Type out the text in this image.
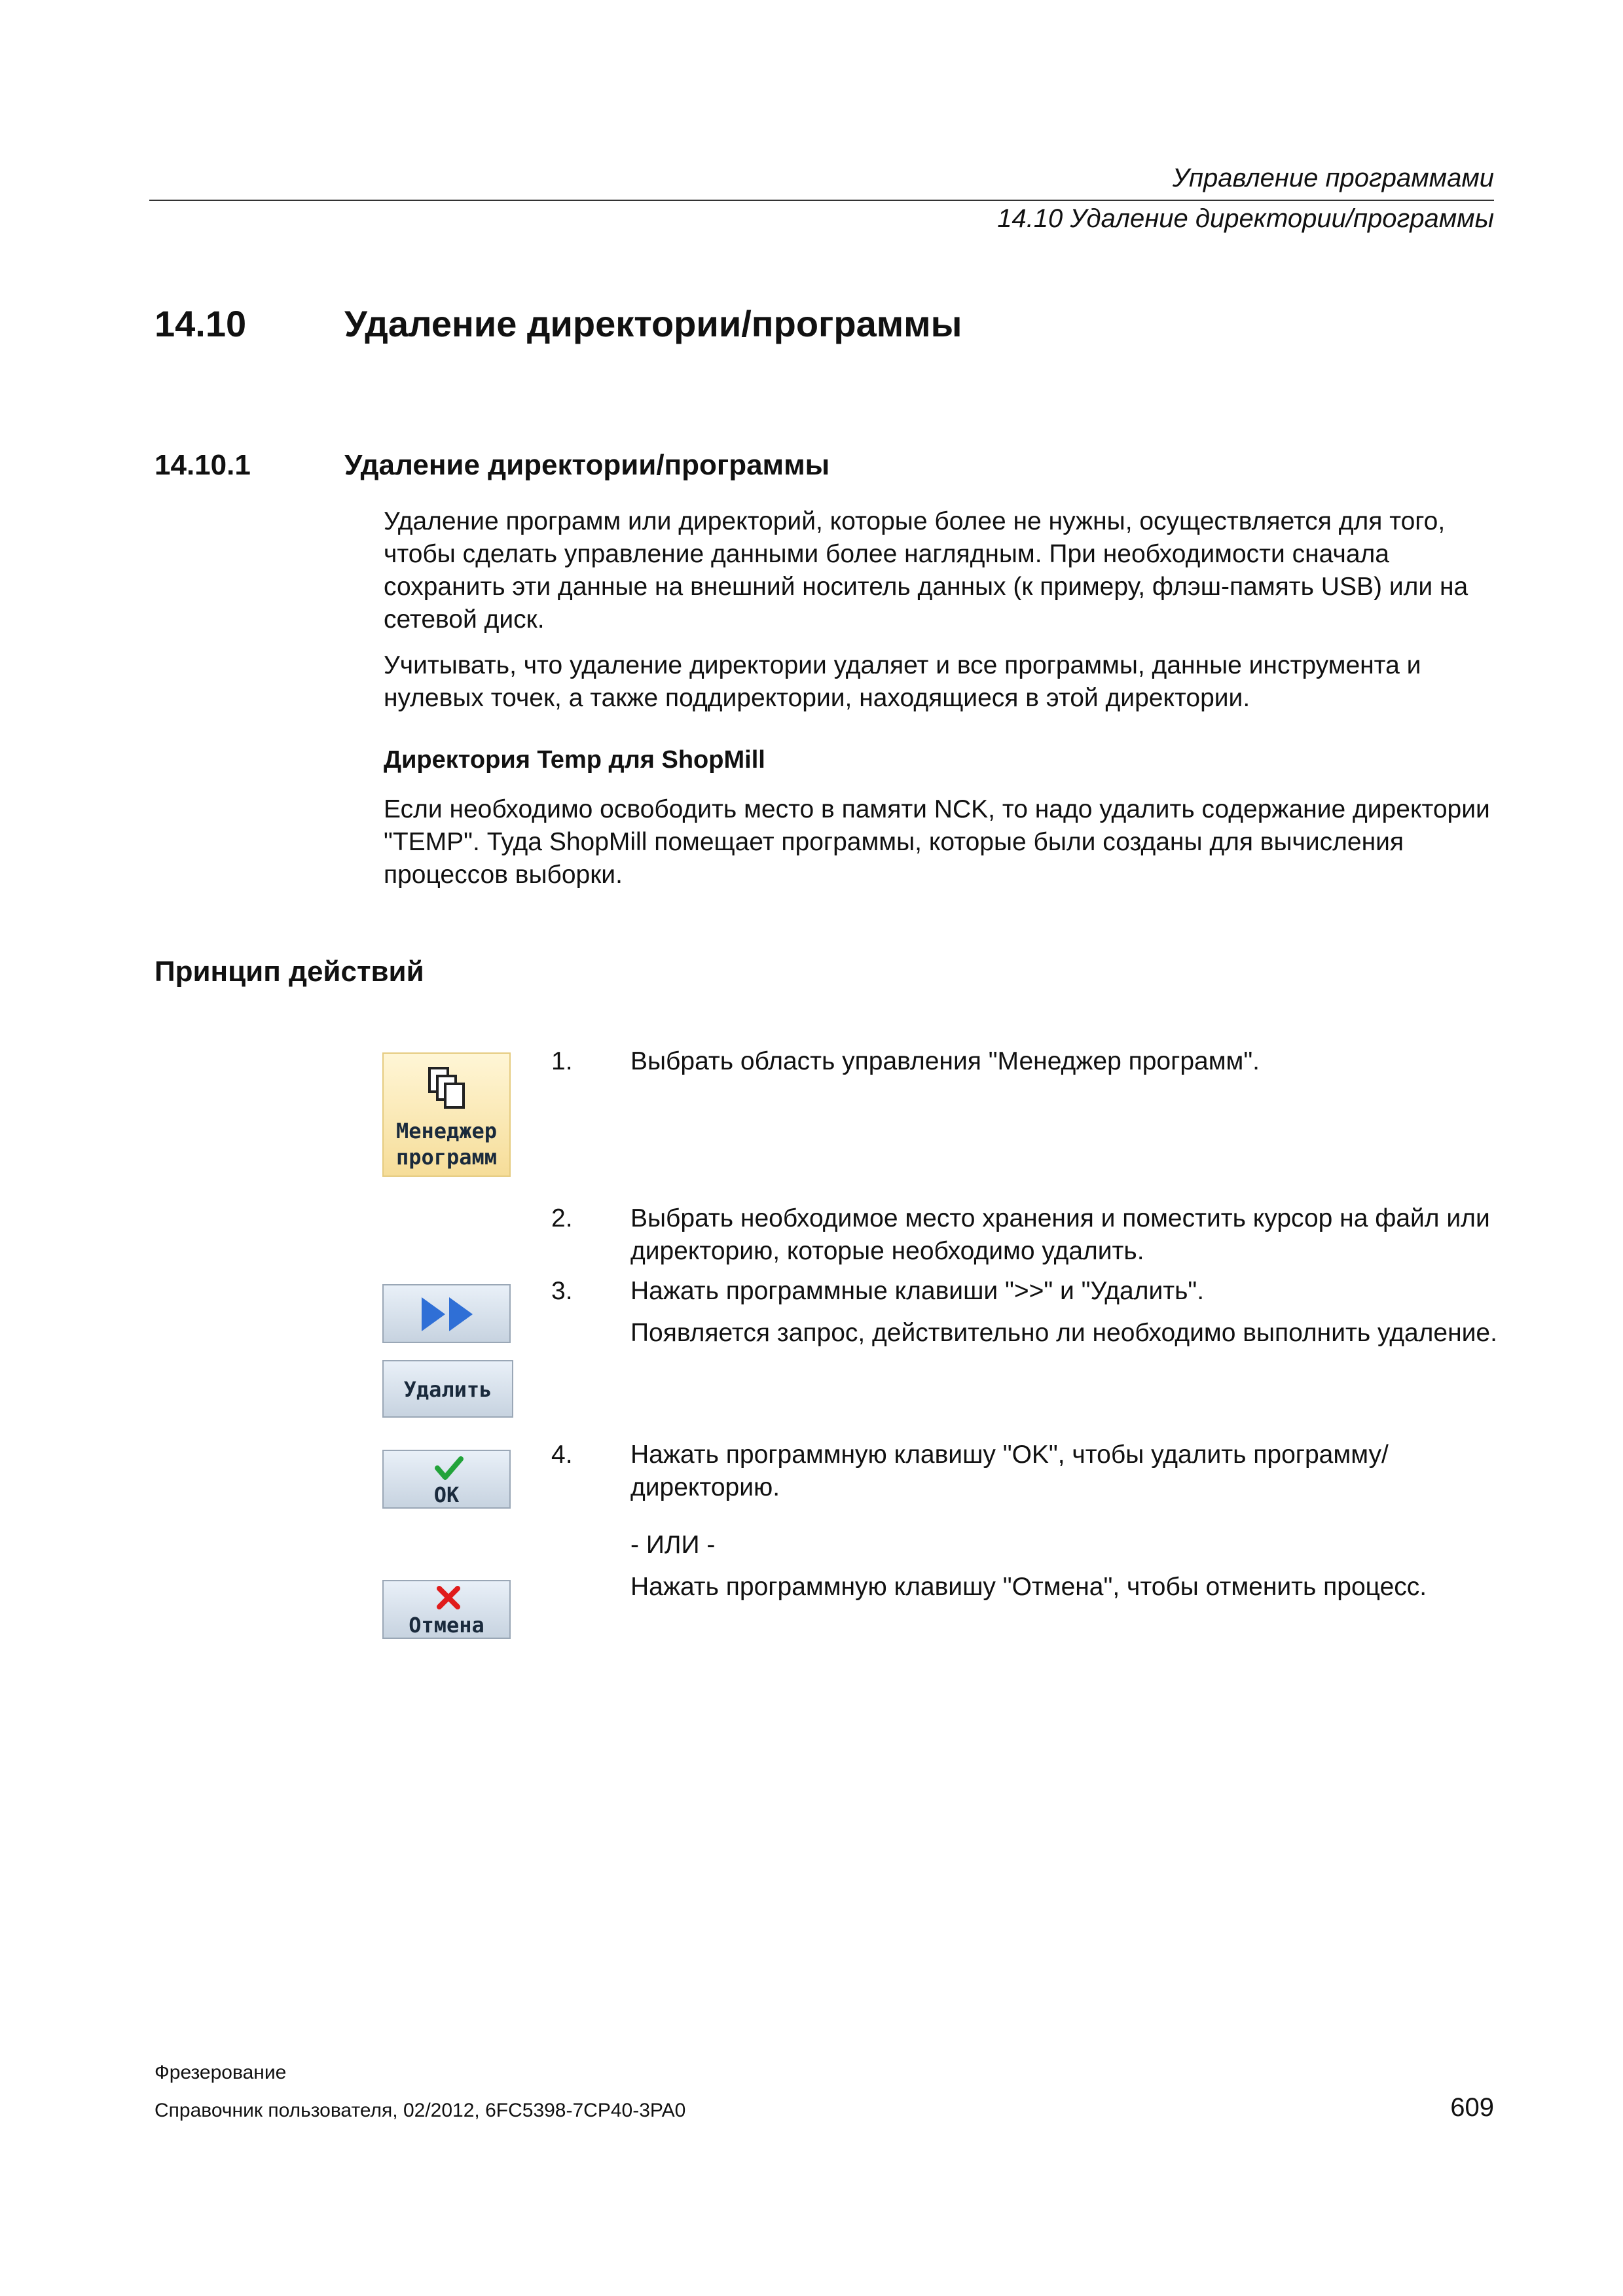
Управление программами
14.10 Удаление директории/программы
14.10	Удаление директории/программы
14.10.1	Удаление директории/программы
Удаление программ или директорий, которые более не нужны, осуществляется для того, чтобы сделать управление данными более наглядным. При необходимости сначала сохранить эти данные на внешний носитель данных (к примеру, флэш-память USB) или на сетевой диск.
Учитывать, что удаление директории удаляет и все программы, данные инструмента и нулевых точек, а также поддиректории, находящиеся в этой директории.
Директория Temp для ShopMill
Если необходимо освободить место в памяти NCK, то надо удалить содержание директории "TEMP". Туда ShopMill помещает программы, которые были созданы для вычисления процессов выборки.
Принцип действий
Менеджер
программ
Удалить
OK
Отмена
1. Выбрать область управления "Менеджер программ".
2. Выбрать необходимое место хранения и поместить курсор на файл или директорию, которые необходимо удалить.
3. Нажать программные клавиши ">>" и "Удалить".
Появляется запрос, действительно ли необходимо выполнить удаление.
4. Нажать программную клавишу "OK", чтобы удалить программу/директорию.
- ИЛИ -
Нажать программную клавишу "Отмена", чтобы отменить процесс.
Фрезерование
Справочник пользователя, 02/2012, 6FC5398-7CP40-3PA0	609
